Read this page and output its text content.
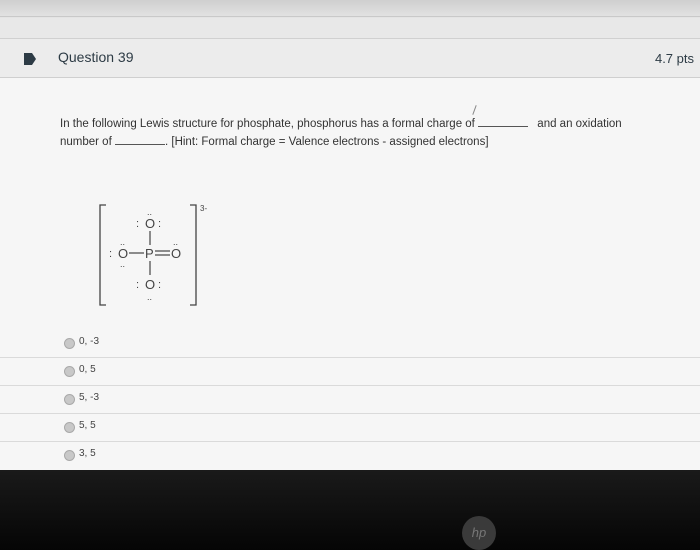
Question 39	4.7 pts
In the following Lewis structure for phosphate, phosphorus has a formal charge of	and an oxidation
number of	. [Hint: Formal charge = Valence electrons - assigned electrons]
3-
O
: :
..
O
:
..
..
P O
..
O
: :
..
0, -3
0, 5
5, -3
5, 5
3, 5
hp
